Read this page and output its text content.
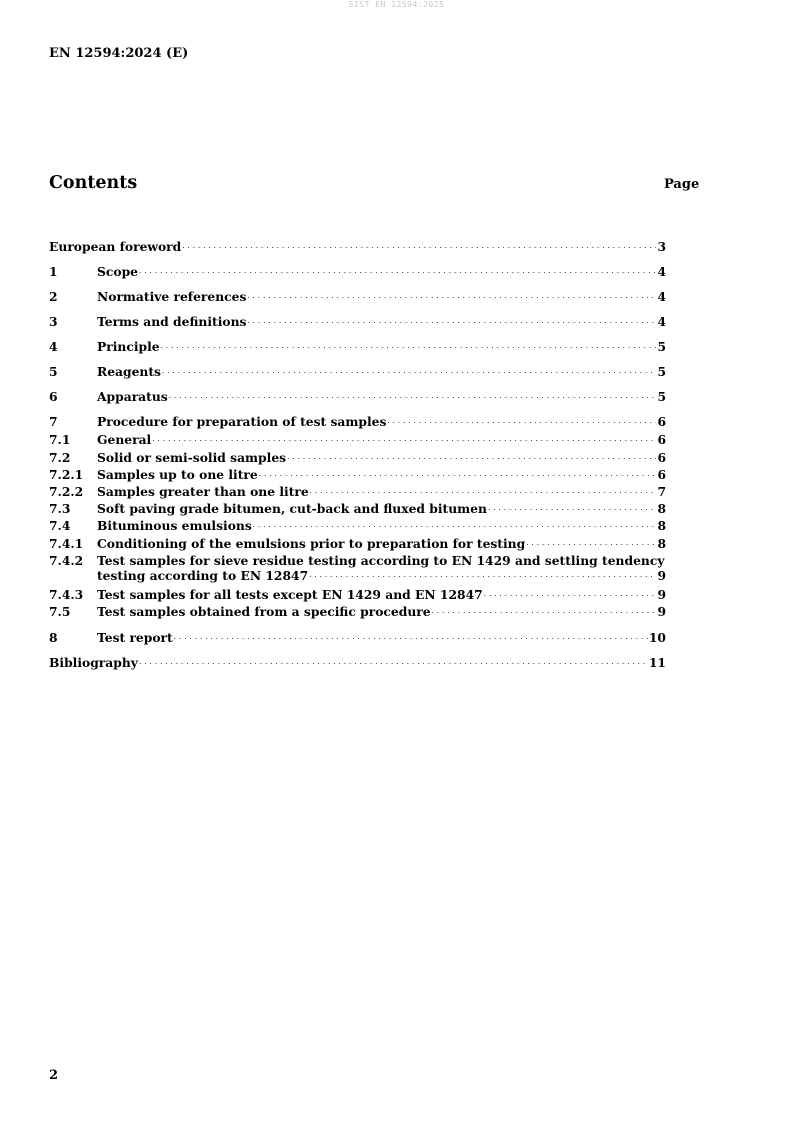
SIST EN 12594:2025
EN 12594:2024 (E)
Contents	Page
European foreword . . .	3
1	Scope . . .	4
2	Normative references . . .	4
3	Terms and definitions . . .	4
4	Principle . . .	5
5	Reagents . . .	5
6	Apparatus . . .	5
7	Procedure for preparation of test samples . . .	6
7.1	General . . .	6
7.2	Solid or semi-solid samples . . .	6
7.2.1	Samples up to one litre . . .	6
7.2.2	Samples greater than one litre . . .	7
7.3	Soft paving grade bitumen, cut-back and fluxed bitumen . . .	8
7.4	Bituminous emulsions . . .	8
7.4.1	Conditioning of the emulsions prior to preparation for testing . . .	8
7.4.2	Test samples for sieve residue testing according to EN 1429 and settling tendency
testing according to EN 12847 . . .	9
7.4.3	Test samples for all tests except EN 1429 and EN 12847 . . .	9
7.5	Test samples obtained from a specific procedure . . .	9
8	Test report . . .	10
Bibliography . . .	11
2
